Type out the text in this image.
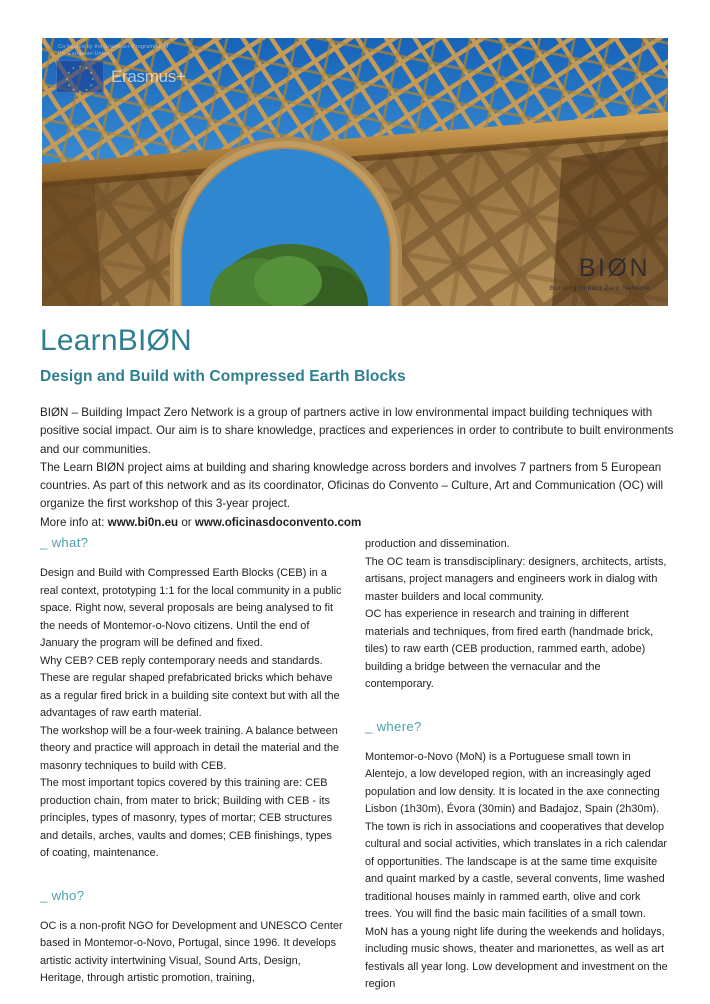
Co-funded by the Erasmus+ Programme of the European Union
Erasmus+
BIØN
Building Impact Zero Network
LearnBIØN
Design and Build with Compressed Earth Blocks

BIØN – Building Impact Zero Network is a group of partners active in low environmental impact building techniques with positive social impact. Our aim is to share knowledge, practices and experiences in order to contribute to built environments and our communities.

The Learn BIØN project aims at building and sharing knowledge across borders and involves 7 partners from 5 European countries. As part of this network and as its coordinator, Oficinas do Convento – Culture, Art and Communication (OC) will organize the first workshop of this 3-year project.

More info at: www.bi0n.eu or www.oficinasdoconvento.com

_ what?

Design and Build with Compressed Earth Blocks (CEB) in a real context, prototyping 1:1 for the local community in a public space. Right now, several proposals are being analysed to fit the needs of Montemor-o-Novo citizens. Until the end of January the program will be defined and fixed.

Why CEB? CEB reply contemporary needs and standards. These are regular shaped prefabricated bricks which behave as a regular fired brick in a building site context but with all the advantages of raw earth material.

The workshop will be a four-week training. A balance between theory and practice will approach in detail the material and the masonry techniques to build with CEB.

The most important topics covered by this training are: CEB production chain, from mater to brick; Building with CEB - its principles, types of masonry, types of mortar; CEB structures and details, arches, vaults and domes; CEB finishings, types of coating, maintenance.

_ who?

OC is a non-profit NGO for Development and UNESCO Center based in Montemor-o-Novo, Portugal, since 1996. It develops artistic activity intertwining Visual, Sound Arts, Design, Heritage, through artistic promotion, training,

production and dissemination.

The OC team is transdisciplinary: designers, architects, artists, artisans, project managers and engineers work in dialog with master builders and local community.

OC has experience in research and training in different materials and techniques, from fired earth (handmade brick, tiles) to raw earth (CEB production, rammed earth, adobe) building a bridge between the vernacular and the contemporary.

_ where?

Montemor-o-Novo (MoN) is a Portuguese small town in Alentejo, a low developed region, with an increasingly aged population and low density. It is located in the axe connecting Lisbon (1h30m), Évora (30min) and Badajoz, Spain (2h30m).

The town is rich in associations and cooperatives that develop cultural and social activities, which translates in a rich calendar of opportunities. The landscape is at the same time exquisite and quaint marked by a castle, several convents, lime washed traditional houses mainly in rammed earth, olive and cork trees. You will find the basic main facilities of a small town. MoN has a young night life during the weekends and holidays, including music shows, theater and marionettes, as well as art festivals all year long. Low development and investment on the region
